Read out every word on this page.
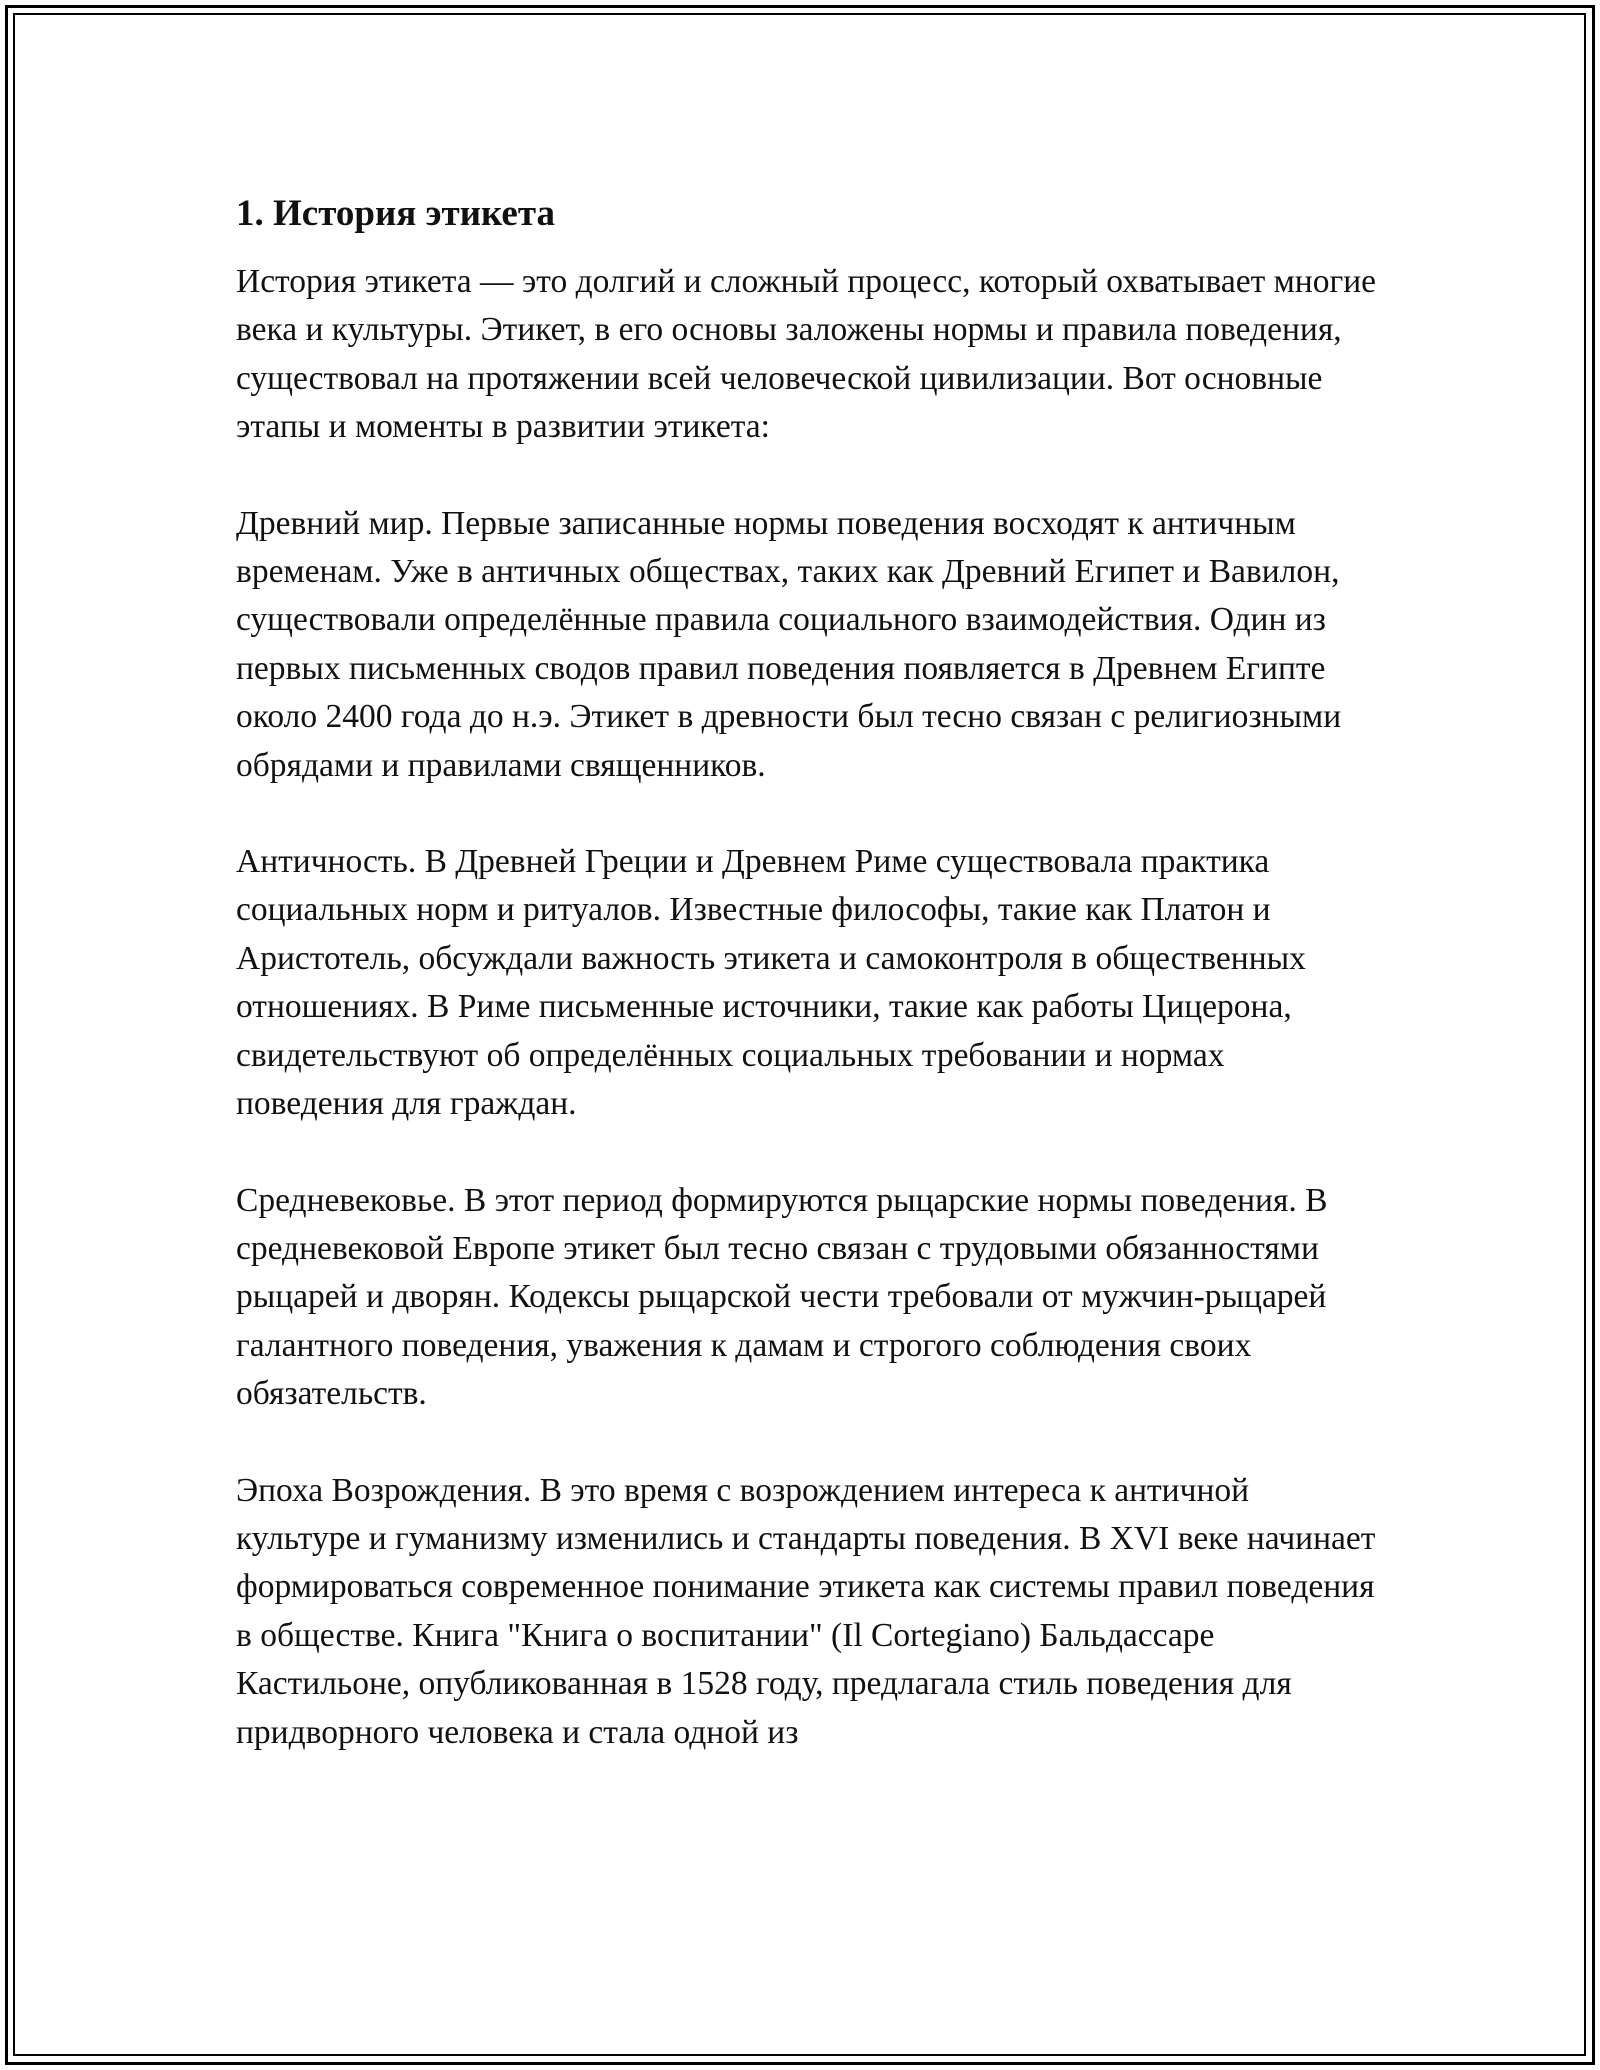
1. История этикета

История этикета — это долгий и сложный процесс, который охватывает многие века и культуры. Этикет, в его основы заложены нормы и правила поведения, существовал на протяжении всей человеческой цивилизации. Вот основные этапы и моменты в развитии этикета:

Древний мир. Первые записанные нормы поведения восходят к античным временам. Уже в античных обществах, таких как Древний Египет и Вавилон, существовали определённые правила социального взаимодействия. Один из первых письменных сводов правил поведения появляется в Древнем Египте около 2400 года до н.э. Этикет в древности был тесно связан с религиозными обрядами и правилами священников.

Античность. В Древней Греции и Древнем Риме существовала практика социальных норм и ритуалов. Известные философы, такие как Платон и Аристотель, обсуждали важность этикета и самоконтроля в общественных отношениях. В Риме письменные источники, такие как работы Цицерона, свидетельствуют об определённых социальных требовании и нормах поведения для граждан.

Средневековье. В этот период формируются рыцарские нормы поведения. В средневековой Европе этикет был тесно связан с трудовыми обязанностями рыцарей и дворян. Кодексы рыцарской чести требовали от мужчин-рыцарей галантного поведения, уважения к дамам и строгого соблюдения своих обязательств.

Эпоха Возрождения. В это время с возрождением интереса к античной культуре и гуманизму изменились и стандарты поведения. В XVI веке начинает формироваться современное понимание этикета как системы правил поведения в обществе. Книга "Книга о воспитании" (Il Cortegiano) Бальдассаре Кастильоне, опубликованная в 1528 году, предлагала стиль поведения для придворного человека и стала одной из
